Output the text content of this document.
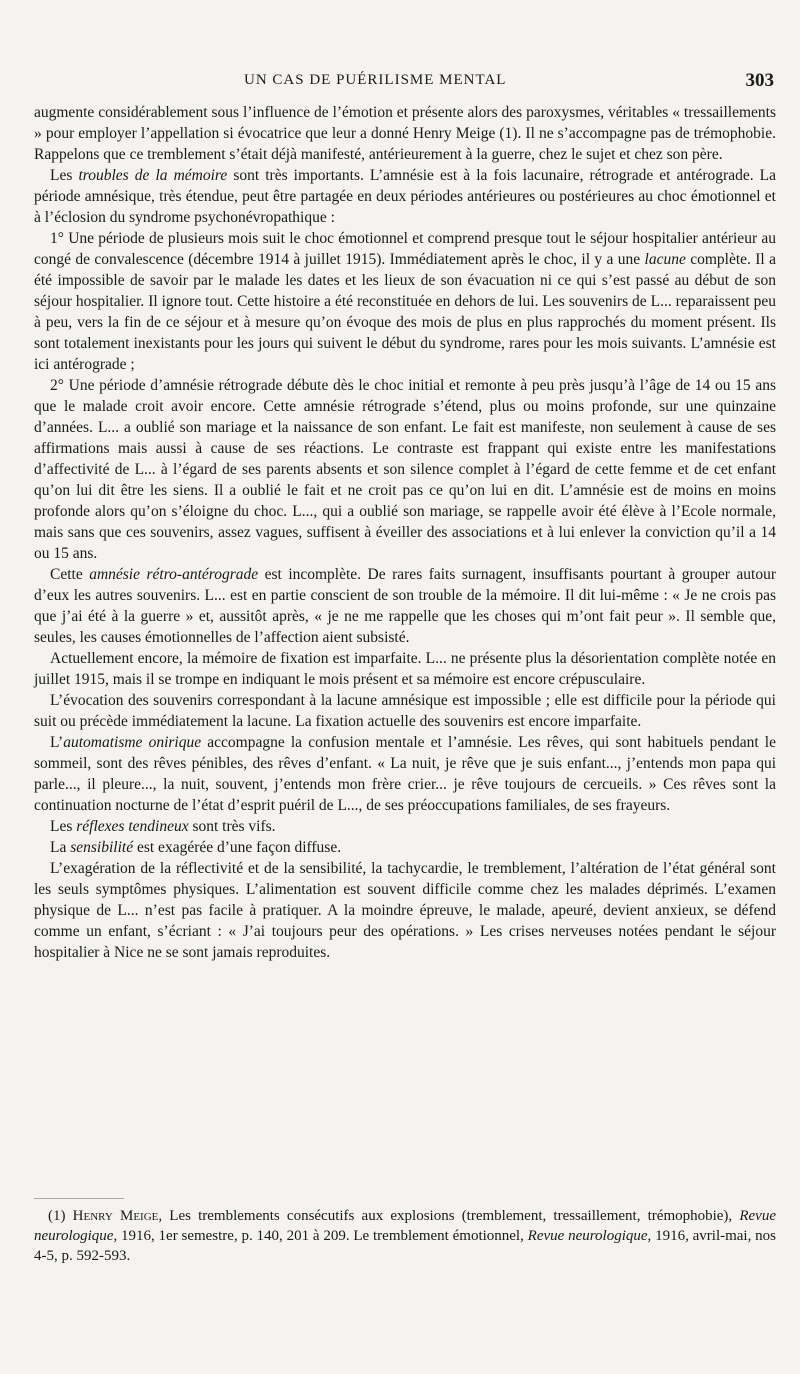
UN CAS DE PUÉRILISME MENTAL	303

augmente considérablement sous l’influence de l’émotion et présente alors des paroxysmes, véritables « tressaillements » pour employer l’appellation si évocatrice que leur a donné Henry Meige (1). Il ne s’accompagne pas de trémophobie. Rappelons que ce tremblement s’était déjà manifesté, antérieurement à la guerre, chez le sujet et chez son père.

Les troubles de la mémoire sont très importants. L’amnésie est à la fois lacunaire, rétrograde et antérograde. La période amnésique, très étendue, peut être partagée en deux périodes antérieures ou postérieures au choc émotionnel et à l’éclosion du syndrome psychonévropathique :

1° Une période de plusieurs mois suit le choc émotionnel et comprend presque tout le séjour hospitalier antérieur au congé de convalescence (décembre 1914 à juillet 1915). Immédiatement après le choc, il y a une lacune complète. Il a été impossible de savoir par le malade les dates et les lieux de son évacuation ni ce qui s’est passé au début de son séjour hospitalier. Il ignore tout. Cette histoire a été reconstituée en dehors de lui. Les souvenirs de L... reparaissent peu à peu, vers la fin de ce séjour et à mesure qu’on évoque des mois de plus en plus rapprochés du moment présent. Ils sont totalement inexistants pour les jours qui suivent le début du syndrome, rares pour les mois suivants. L’amnésie est ici antérograde ;

2° Une période d’amnésie rétrograde débute dès le choc initial et remonte à peu près jusqu’à l’âge de 14 ou 15 ans que le malade croit avoir encore. Cette amnésie rétrograde s’étend, plus ou moins profonde, sur une quinzaine d’années. L... a oublié son mariage et la naissance de son enfant. Le fait est manifeste, non seulement à cause de ses affirmations mais aussi à cause de ses réactions. Le contraste est frappant qui existe entre les manifestations d’affectivité de L... à l’égard de ses parents absents et son silence complet à l’égard de cette femme et de cet enfant qu’on lui dit être les siens. Il a oublié le fait et ne croit pas ce qu’on lui en dit. L’amnésie est de moins en moins profonde alors qu’on s’éloigne du choc. L..., qui a oublié son mariage, se rappelle avoir été élève à l’Ecole normale, mais sans que ces souvenirs, assez vagues, suffisent à éveiller des associations et à lui enlever la conviction qu’il a 14 ou 15 ans.

Cette amnésie rétro-antérograde est incomplète. De rares faits surnagent, insuffisants pourtant à grouper autour d’eux les autres souvenirs. L... est en partie conscient de son trouble de la mémoire. Il dit lui-même : « Je ne crois pas que j’ai été à la guerre » et, aussitôt après, « je ne me rappelle que les choses qui m’ont fait peur ». Il semble que, seules, les causes émotionnelles de l’affection aient subsisté.

Actuellement encore, la mémoire de fixation est imparfaite. L... ne présente plus la désorientation complète notée en juillet 1915, mais il se trompe en indiquant le mois présent et sa mémoire est encore crépusculaire.

L’évocation des souvenirs correspondant à la lacune amnésique est impossible ; elle est difficile pour la période qui suit ou précède immédiatement la lacune. La fixation actuelle des souvenirs est encore imparfaite.

L’automatisme onirique accompagne la confusion mentale et l’amnésie. Les rêves, qui sont habituels pendant le sommeil, sont des rêves pénibles, des rêves d’enfant. « La nuit, je rêve que je suis enfant..., j’entends mon papa qui parle..., il pleure..., la nuit, souvent, j’entends mon frère crier... je rêve toujours de cercueils. » Ces rêves sont la continuation nocturne de l’état d’esprit puéril de L..., de ses préoccupations familiales, de ses frayeurs.

Les réflexes tendineux sont très vifs.

La sensibilité est exagérée d’une façon diffuse.

L’exagération de la réflectivité et de la sensibilité, la tachycardie, le tremblement, l’altération de l’état général sont les seuls symptômes physiques. L’alimentation est souvent difficile comme chez les malades déprimés. L’examen physique de L... n’est pas facile à pratiquer. A la moindre épreuve, le malade, apeuré, devient anxieux, se défend comme un enfant, s’écriant : « J’ai toujours peur des opérations. » Les crises nerveuses notées pendant le séjour hospitalier à Nice ne se sont jamais reproduites.

(1) Henry Meige, Les tremblements consécutifs aux explosions (tremblement, tressaillement, trémophobie), Revue neurologique, 1916, 1er semestre, p. 140, 201 à 209. Le tremblement émotionnel, Revue neurologique, 1916, avril-mai, nos 4-5, p. 592-593.
